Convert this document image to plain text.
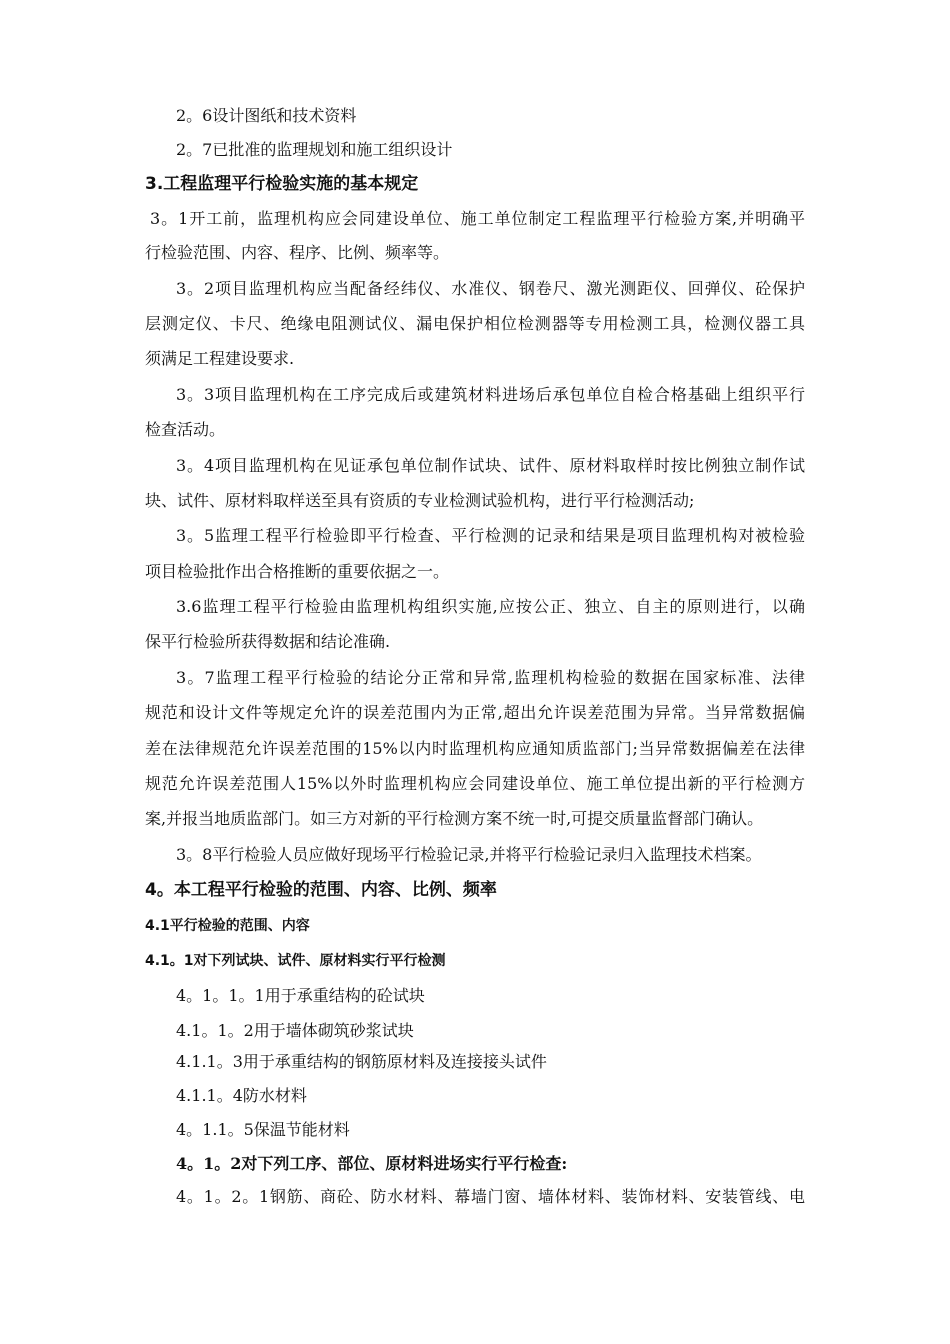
2。6设计图纸和技术资料
2。7已批准的监理规划和施工组织设计
3.工程监理平行检验实施的基本规定
3。1开工前，监理机构应会同建设单位、施工单位制定工程监理平行检验方案,并明确平
行检验范围、内容、程序、比例、频率等。
3。2项目监理机构应当配备经纬仪、水准仪、钢卷尺、激光测距仪、回弹仪、砼保护
层测定仪、卡尺、绝缘电阻测试仪、漏电保护相位检测器等专用检测工具，检测仪器工具
须满足工程建设要求.
3。3项目监理机构在工序完成后或建筑材料进场后承包单位自检合格基础上组织平行
检查活动。
3。4项目监理机构在见证承包单位制作试块、试件、原材料取样时按比例独立制作试
块、试件、原材料取样送至具有资质的专业检测试验机构，进行平行检测活动;
3。5监理工程平行检验即平行检查、平行检测的记录和结果是项目监理机构对被检验
项目检验批作出合格推断的重要依据之一。
3.6监理工程平行检验由监理机构组织实施,应按公正、独立、自主的原则进行，以确
保平行检验所获得数据和结论准确.
3。7监理工程平行检验的结论分正常和异常,监理机构检验的数据在国家标准、法律
规范和设计文件等规定允许的误差范围内为正常,超出允许误差范围为异常。当异常数据偏
差在法律规范允许误差范围的15%以内时监理机构应通知质监部门;当异常数据偏差在法律
规范允许误差范围人15%以外时监理机构应会同建设单位、施工单位提出新的平行检测方
案,并报当地质监部门。如三方对新的平行检测方案不统一时,可提交质量监督部门确认。
3。8平行检验人员应做好现场平行检验记录,并将平行检验记录归入监理技术档案。
4。本工程平行检验的范围、内容、比例、频率
4.1平行检验的范围、内容
4.1。1对下列试块、试件、原材料实行平行检测
4。1。1。1用于承重结构的砼试块
4.1。1。2用于墙体砌筑砂浆试块
4.1.1。3用于承重结构的钢筋原材料及连接接头试件
4.1.1。4防水材料
4。1.1。5保温节能材料
4。1。2对下列工序、部位、原材料进场实行平行检查:
4。1。2。1钢筋、商砼、防水材料、幕墙门窗、墙体材料、装饰材料、安装管线、电
